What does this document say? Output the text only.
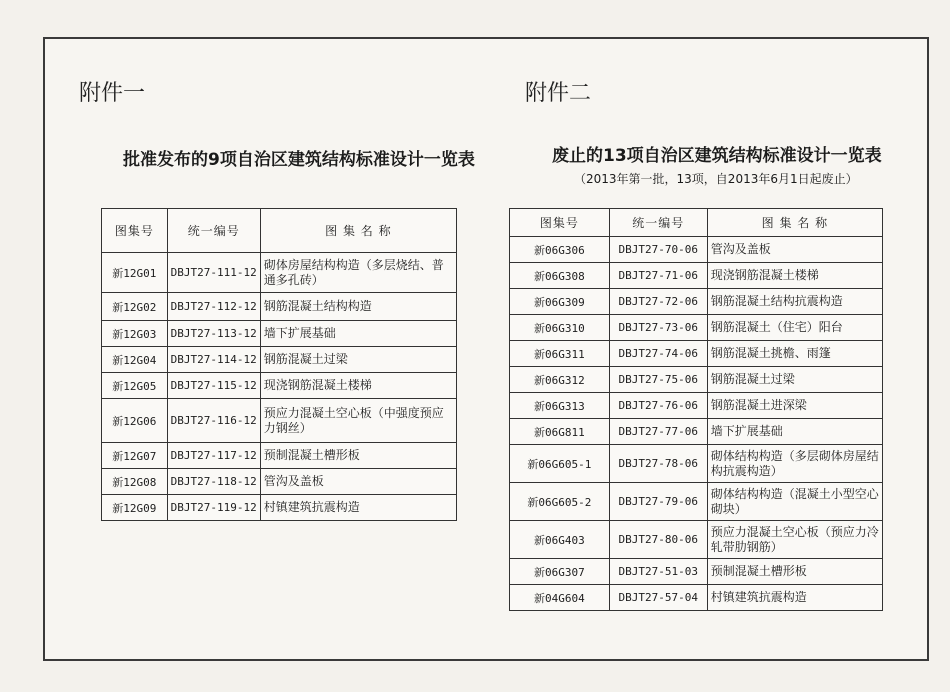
附件一	附件二
批准发布的9项自治区建筑结构标准设计一览表	废止的13项自治区建筑结构标准设计一览表

（2013年第一批，13项，自2013年6月1日起废止）

图集号	统一编号	图 集 名 称
新12G01	DBJT27-111-12	砌体房屋结构构造（多层烧结、普通多孔砖）
新12G02	DBJT27-112-12	钢筋混凝土结构构造
新12G03	DBJT27-113-12	墙下扩展基础
新12G04	DBJT27-114-12	钢筋混凝土过梁
新12G05	DBJT27-115-12	现浇钢筋混凝土楼梯
新12G06	DBJT27-116-12	预应力混凝土空心板（中强度预应力钢丝）
新12G07	DBJT27-117-12	预制混凝土槽形板
新12G08	DBJT27-118-12	管沟及盖板
新12G09	DBJT27-119-12	村镇建筑抗震构造
图集号	统一编号	图 集 名 称
新06G306	DBJT27-70-06	管沟及盖板
新06G308	DBJT27-71-06	现浇钢筋混凝土楼梯
新06G309	DBJT27-72-06	钢筋混凝土结构抗震构造
新06G310	DBJT27-73-06	钢筋混凝土（住宅）阳台
新06G311	DBJT27-74-06	钢筋混凝土挑檐、雨篷
新06G312	DBJT27-75-06	钢筋混凝土过梁
新06G313	DBJT27-76-06	钢筋混凝土进深梁
新06G811	DBJT27-77-06	墙下扩展基础
新06G605-1	DBJT27-78-06	砌体结构构造（多层砌体房屋结构抗震构造）
新06G605-2	DBJT27-79-06	砌体结构构造（混凝土小型空心砌块）
新06G403	DBJT27-80-06	预应力混凝土空心板（预应力冷轧带肋钢筋）
新06G307	DBJT27-51-03	预制混凝土槽形板
新04G604	DBJT27-57-04	村镇建筑抗震构造
